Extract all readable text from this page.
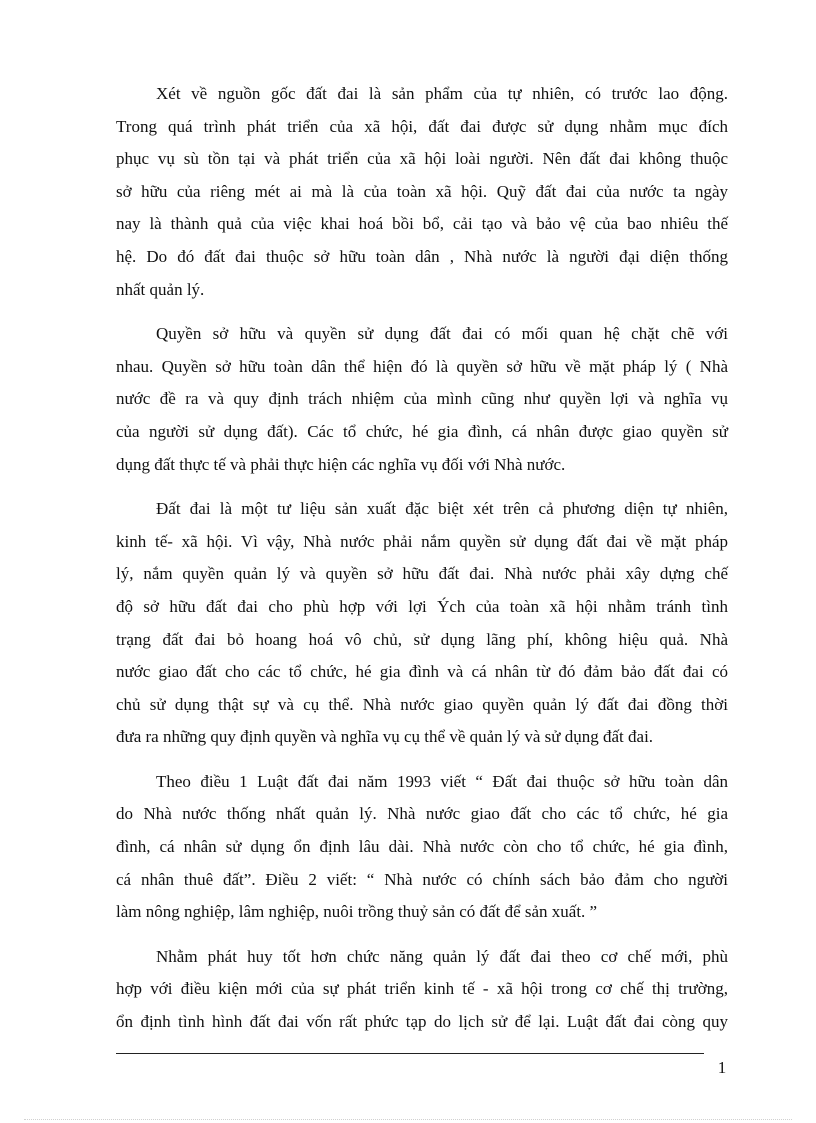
Xét về nguồn gốc đất đai là sản phẩm của tự nhiên, có trước lao động.
Trong quá trình phát triển của xã hội, đất đai được sử dụng nhằm mục đích
phục vụ sù tồn tại và phát triển của xã hội loài người. Nên đất đai không thuộc
sở hữu của riêng mét ai mà là của toàn xã hội. Quỹ đất đai của nước ta ngày
nay là thành quả của việc khai hoá bồi bổ, cải tạo và bảo vệ của bao nhiêu thế
hệ. Do đó đất đai thuộc sở hữu toàn dân , Nhà nước là người đại diện thống
nhất quản lý.

Quyền sở hữu và quyền sử dụng đất đai có mối quan hệ chặt chẽ với
nhau. Quyền sở hữu toàn dân thể hiện đó là quyền sở hữu về mặt pháp lý ( Nhà
nước đề ra và quy định trách nhiệm của mình cũng như quyền lợi và nghĩa vụ
của người sử dụng đất). Các tổ chức, hé gia đình, cá nhân được giao quyền sử
dụng đất thực tế và phải thực hiện các nghĩa vụ đối với Nhà nước.

Đất đai là một tư liệu sản xuất đặc biệt xét trên cả phương diện tự nhiên,
kinh tế- xã hội. Vì vậy, Nhà nước phải nắm quyền sử dụng đất đai về mặt pháp
lý, nắm quyền quản lý và quyền sở hữu đất đai. Nhà nước phải xây dựng chế
độ sở hữu đất đai cho phù hợp với lợi Ých của toàn xã hội nhằm tránh tình
trạng đất đai bỏ hoang hoá vô chủ, sử dụng lãng phí, không hiệu quả. Nhà
nước giao đất cho các tổ chức, hé gia đình và cá nhân từ đó đảm bảo đất đai có
chủ sử dụng thật sự và cụ thể. Nhà nước giao quyền quản lý đất đai đồng thời
đưa ra những quy định quyền và nghĩa vụ cụ thể về quản lý và sử dụng đất đai.

Theo điều 1 Luật đất đai năm 1993 viết “ Đất đai thuộc sở hữu toàn dân
do Nhà nước thống nhất quản lý. Nhà nước giao đất cho các tổ chức, hé gia
đình, cá nhân sử dụng ổn định lâu dài. Nhà nước còn cho tổ chức, hé gia đình,
cá nhân thuê đất”. Điều 2 viết: “ Nhà nước có chính sách bảo đảm cho người
làm nông nghiệp, lâm nghiệp, nuôi trồng thuỷ sản có đất để sản xuất. ”

Nhằm phát huy tốt hơn chức năng quản lý đất đai theo cơ chế mới, phù
hợp với điều kiện mới của sự phát triển kinh tế - xã hội trong cơ chế thị trường,
ổn định tình hình đất đai vốn rất phức tạp do lịch sử để lại. Luật đất đai còng quy

1
